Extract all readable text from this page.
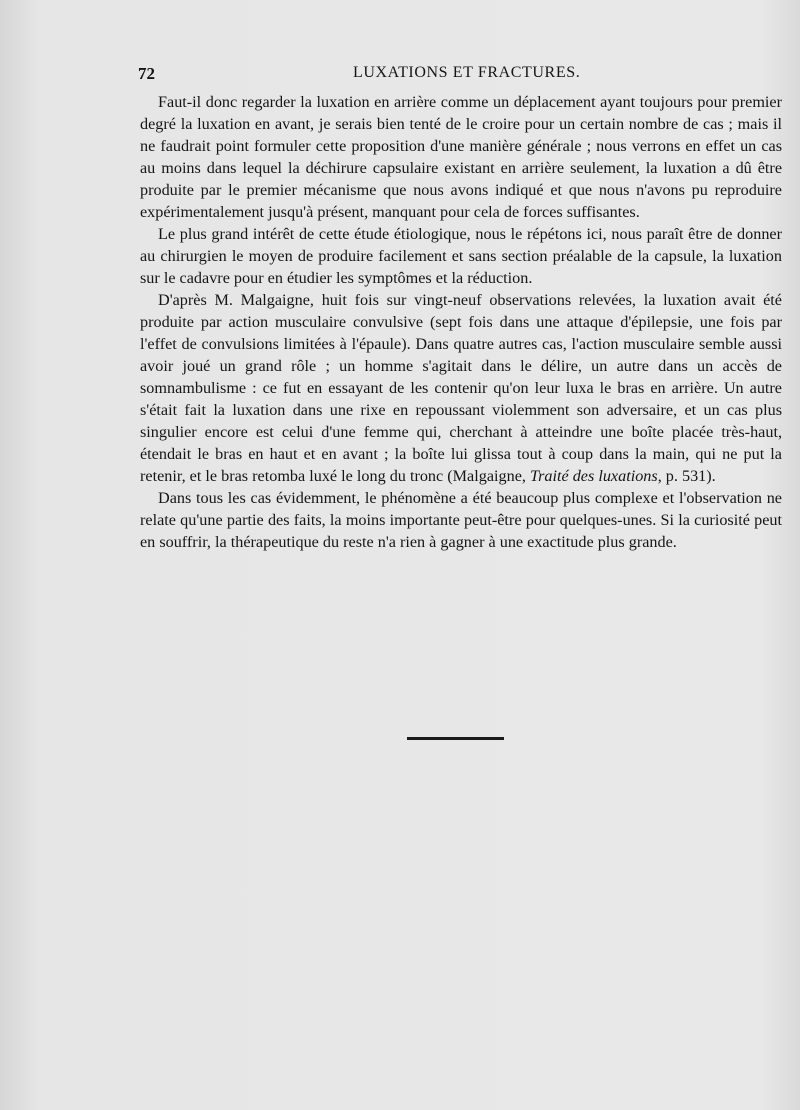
72	LUXATIONS ET FRACTURES.

Faut-il donc regarder la luxation en arrière comme un déplacement ayant toujours pour premier degré la luxation en avant, je serais bien tenté de le croire pour un certain nombre de cas ; mais il ne faudrait point formuler cette proposition d'une manière générale ; nous verrons en effet un cas au moins dans lequel la déchirure capsulaire existant en arrière seulement, la luxation a dû être produite par le premier mécanisme que nous avons indiqué et que nous n'avons pu reproduire expérimentalement jusqu'à présent, manquant pour cela de forces suffisantes.

Le plus grand intérêt de cette étude étiologique, nous le répétons ici, nous paraît être de donner au chirurgien le moyen de produire facilement et sans section préalable de la capsule, la luxation sur le cadavre pour en étudier les symptômes et la réduction.

D'après M. Malgaigne, huit fois sur vingt-neuf observations relevées, la luxation avait été produite par action musculaire convulsive (sept fois dans une attaque d'épilepsie, une fois par l'effet de convulsions limitées à l'épaule). Dans quatre autres cas, l'action musculaire semble aussi avoir joué un grand rôle ; un homme s'agitait dans le délire, un autre dans un accès de somnambulisme : ce fut en essayant de les contenir qu'on leur luxa le bras en arrière. Un autre s'était fait la luxation dans une rixe en repoussant violemment son adversaire, et un cas plus singulier encore est celui d'une femme qui, cherchant à atteindre une boîte placée très-haut, étendait le bras en haut et en avant ; la boîte lui glissa tout à coup dans la main, qui ne put la retenir, et le bras retomba luxé le long du tronc (Malgaigne, Traité des luxations, p. 531).

Dans tous les cas évidemment, le phénomène a été beaucoup plus complexe et l'observation ne relate qu'une partie des faits, la moins importante peut-être pour quelques-unes. Si la curiosité peut en souffrir, la thérapeutique du reste n'a rien à gagner à une exactitude plus grande.
